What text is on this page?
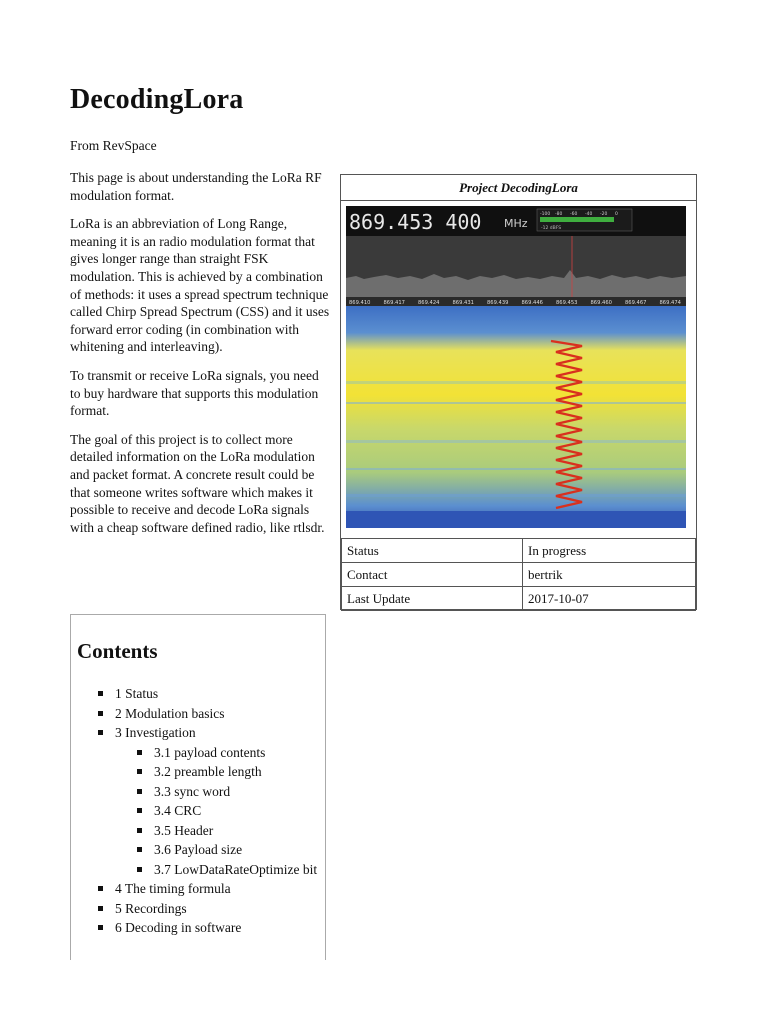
DecodingLora
From RevSpace

This page is about understanding the LoRa RF modulation format.

LoRa is an abbreviation of Long Range, meaning it is an radio modulation format that gives longer range than straight FSK modulation. This is achieved by a combination of methods: it uses a spread spectrum technique called Chirp Spread Spectrum (CSS) and it uses forward error coding (in combination with whitening and interleaving).

To transmit or receive LoRa signals, you need to buy hardware that supports this modulation format.

The goal of this project is to collect more detailed information on the LoRa modulation and packet format. A concrete result could be that someone writes software which makes it possible to receive and decode LoRa signals with a cheap software defined radio, like rtlsdr.

Project DecodingLora
869.453 400 MHz
-100 -80 -60 -40 -20 0
-12 dBFS
869.410	869.417	869.424	869.431	869.439	869.446	869.453	869.460	869.467	869.474
Status	In progress
Contact	bertrik
Last Update	2017-10-07
Contents
1 Status
2 Modulation basics
3 Investigation
3.1 payload contents
3.2 preamble length
3.3 sync word
3.4 CRC
3.5 Header
3.6 Payload size
3.7 LowDataRateOptimize bit
4 The timing formula
5 Recordings
6 Decoding in software
